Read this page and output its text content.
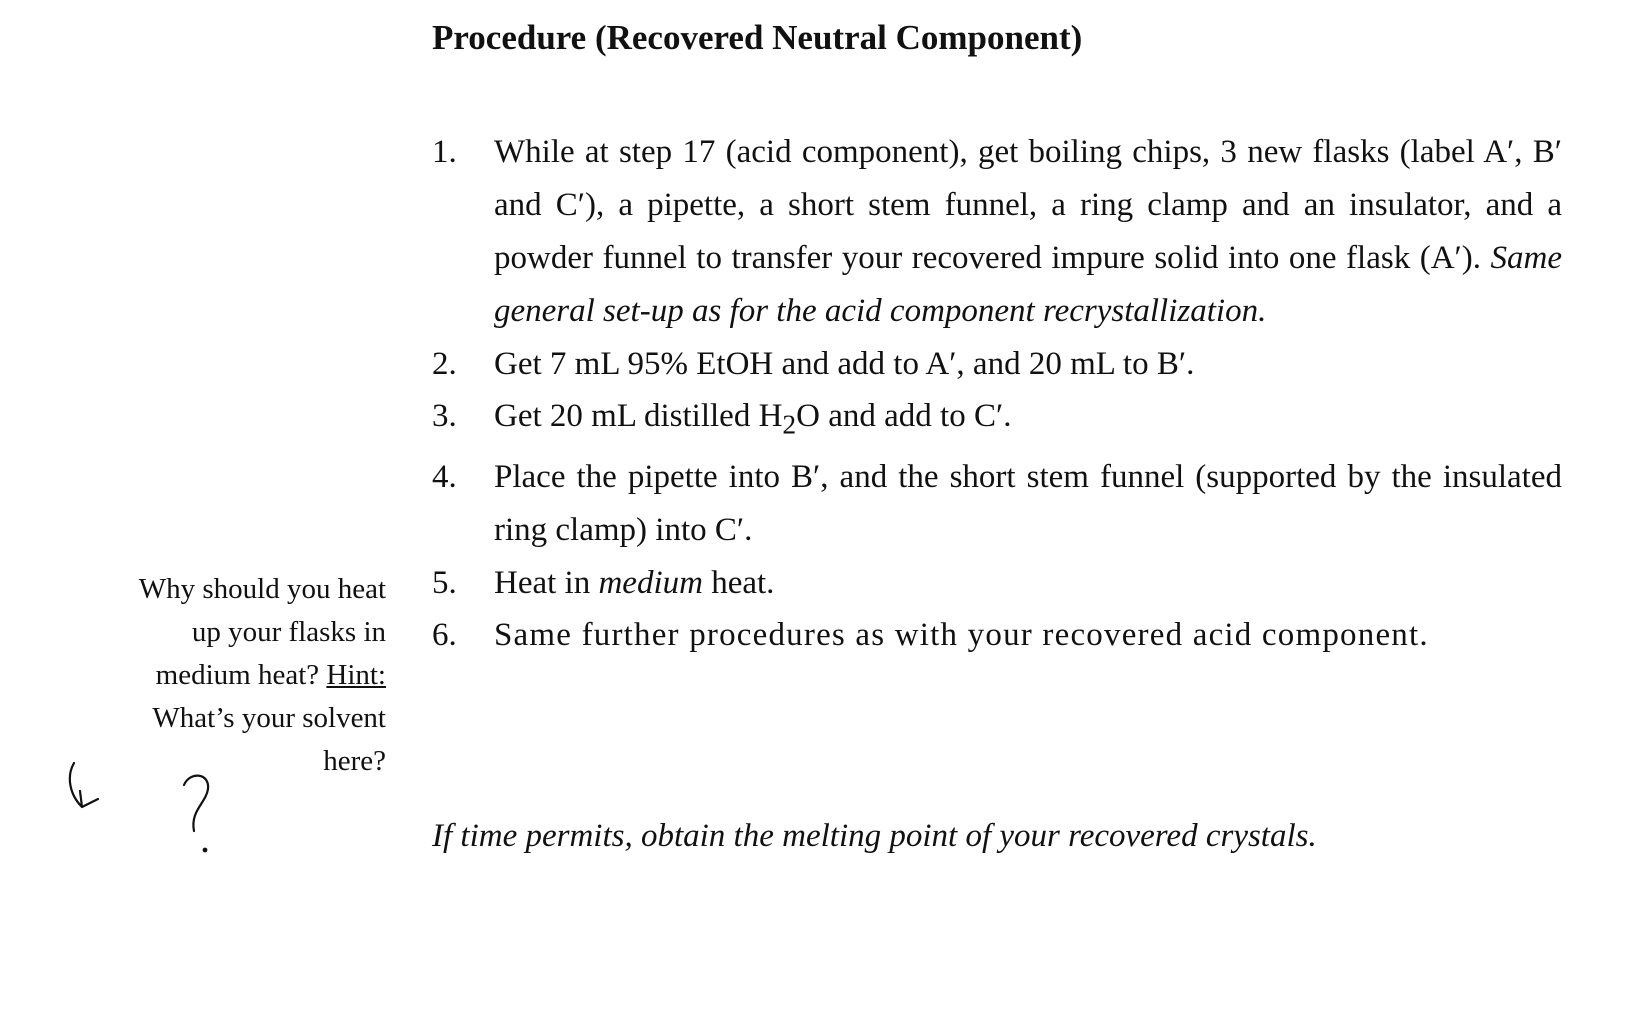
Procedure (Recovered Neutral Component)
1.	While at step 17 (acid component), get boiling chips, 3 new flasks (label A′, B′ and C′), a pipette, a short stem funnel, a ring clamp and an insulator, and a powder funnel to transfer your recovered impure solid into one flask (A′). Same general set-up as for the acid component recrystallization.
2.	Get 7 mL 95% EtOH and add to A′, and 20 mL to B′.
3.	Get 20 mL distilled $H_2O$ and add to C′.
4.	Place the pipette into B′, and the short stem funnel (supported by the insulated ring clamp) into C′.
5.	Heat in medium heat.
6.	Same further procedures as with your recovered acid component.
If time permits, obtain the melting point of your recovered crystals.
Why should you heat
up your flasks in
medium heat? Hint:
What’s your solvent
here?
